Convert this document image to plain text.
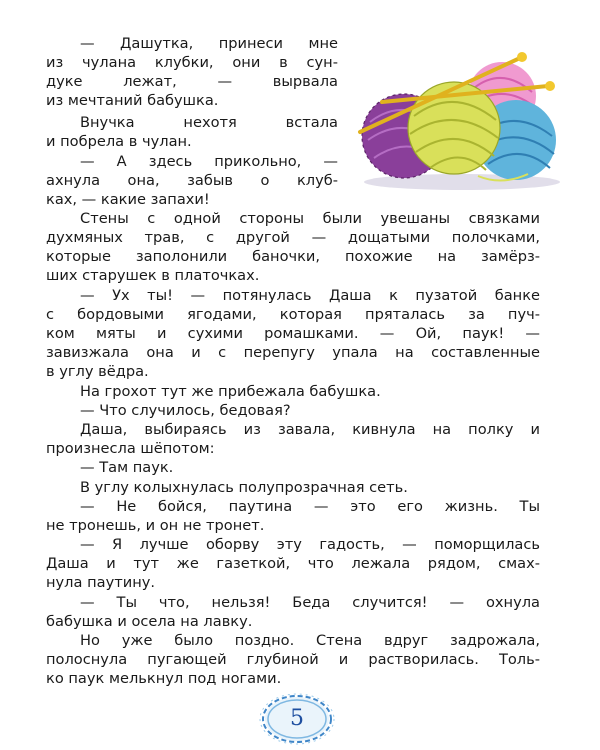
— Дашутка, принеси мне
из чулана клубки, они в сун-
дуке лежат, — вырвала
из мечтаний бабушка.
Внучка нехотя встала
и побрела в чулан.
— А здесь прикольно, —
ахнула она, забыв о клуб-
ках, — какие запахи!
Стены с одной стороны были увешаны связками
духмяных трав, с другой — дощатыми полочками,
которые заполонили баночки, похожие на замёрз-
ших старушек в платочках.
— Ух ты! — потянулась Даша к пузатой банке
с бордовыми ягодами, которая пряталась за пуч-
ком мяты и сухими ромашками. — Ой, паук! —
завизжала она и с перепугу упала на составленные
в углу вёдра.
На грохот тут же прибежала бабушка.
— Что случилось, бедовая?
Даша, выбираясь из завала, кивнула на полку и
произнесла шёпотом:
— Там паук.
В углу колыхнулась полупрозрачная сеть.
— Не бойся, паутина — это его жизнь. Ты
не тронешь, и он не тронет.
— Я лучше оборву эту гадость, — поморщилась
Даша и тут же газеткой, что лежала рядом, смах-
нула паутину.
— Ты что, нельзя! Беда случится! — охнула
бабушка и осела на лавку.
Но уже было поздно. Стена вдруг задрожала,
полоснула пугающей глубиной и растворилась. Толь-
ко паук мелькнул под ногами.
5
